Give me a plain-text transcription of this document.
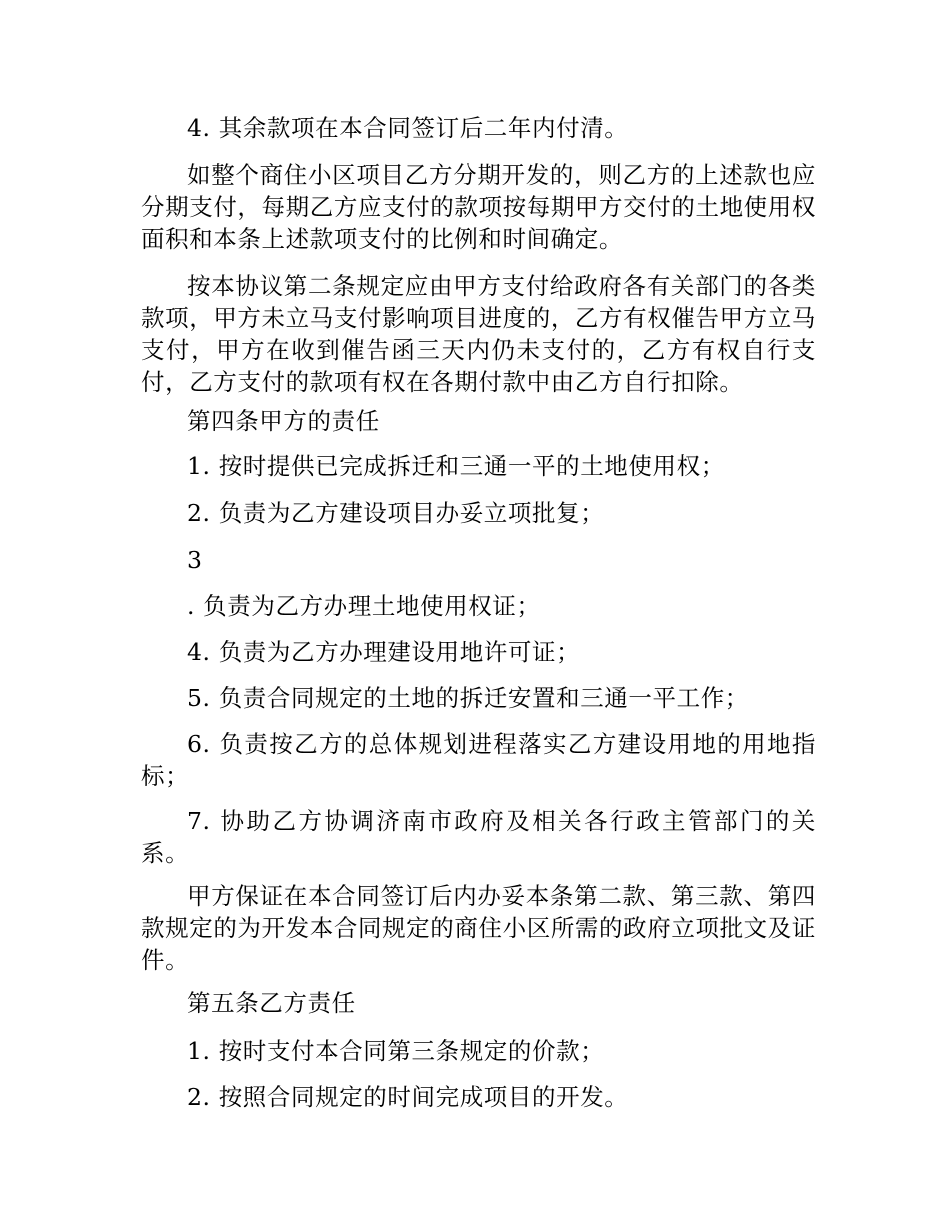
4. 其余款项在本合同签订后二年内付清。

如整个商住小区项目乙方分期开发的，则乙方的上述款也应分期支付，每期乙方应支付的款项按每期甲方交付的土地使用权面积和本条上述款项支付的比例和时间确定。

按本协议第二条规定应由甲方支付给政府各有关部门的各类款项，甲方未立马支付影响项目进度的，乙方有权催告甲方立马支付，甲方在收到催告函三天内仍未支付的，乙方有权自行支付，乙方支付的款项有权在各期付款中由乙方自行扣除。

第四条甲方的责任

1. 按时提供已完成拆迁和三通一平的土地使用权；

2. 负责为乙方建设项目办妥立项批复；

3

. 负责为乙方办理土地使用权证；

4. 负责为乙方办理建设用地许可证；

5. 负责合同规定的土地的拆迁安置和三通一平工作；

6. 负责按乙方的总体规划进程落实乙方建设用地的用地指标；

7. 协助乙方协调济南市政府及相关各行政主管部门的关系。

甲方保证在本合同签订后内办妥本条第二款、第三款、第四款规定的为开发本合同规定的商住小区所需的政府立项批文及证件。

第五条乙方责任

1. 按时支付本合同第三条规定的价款；

2. 按照合同规定的时间完成项目的开发。
